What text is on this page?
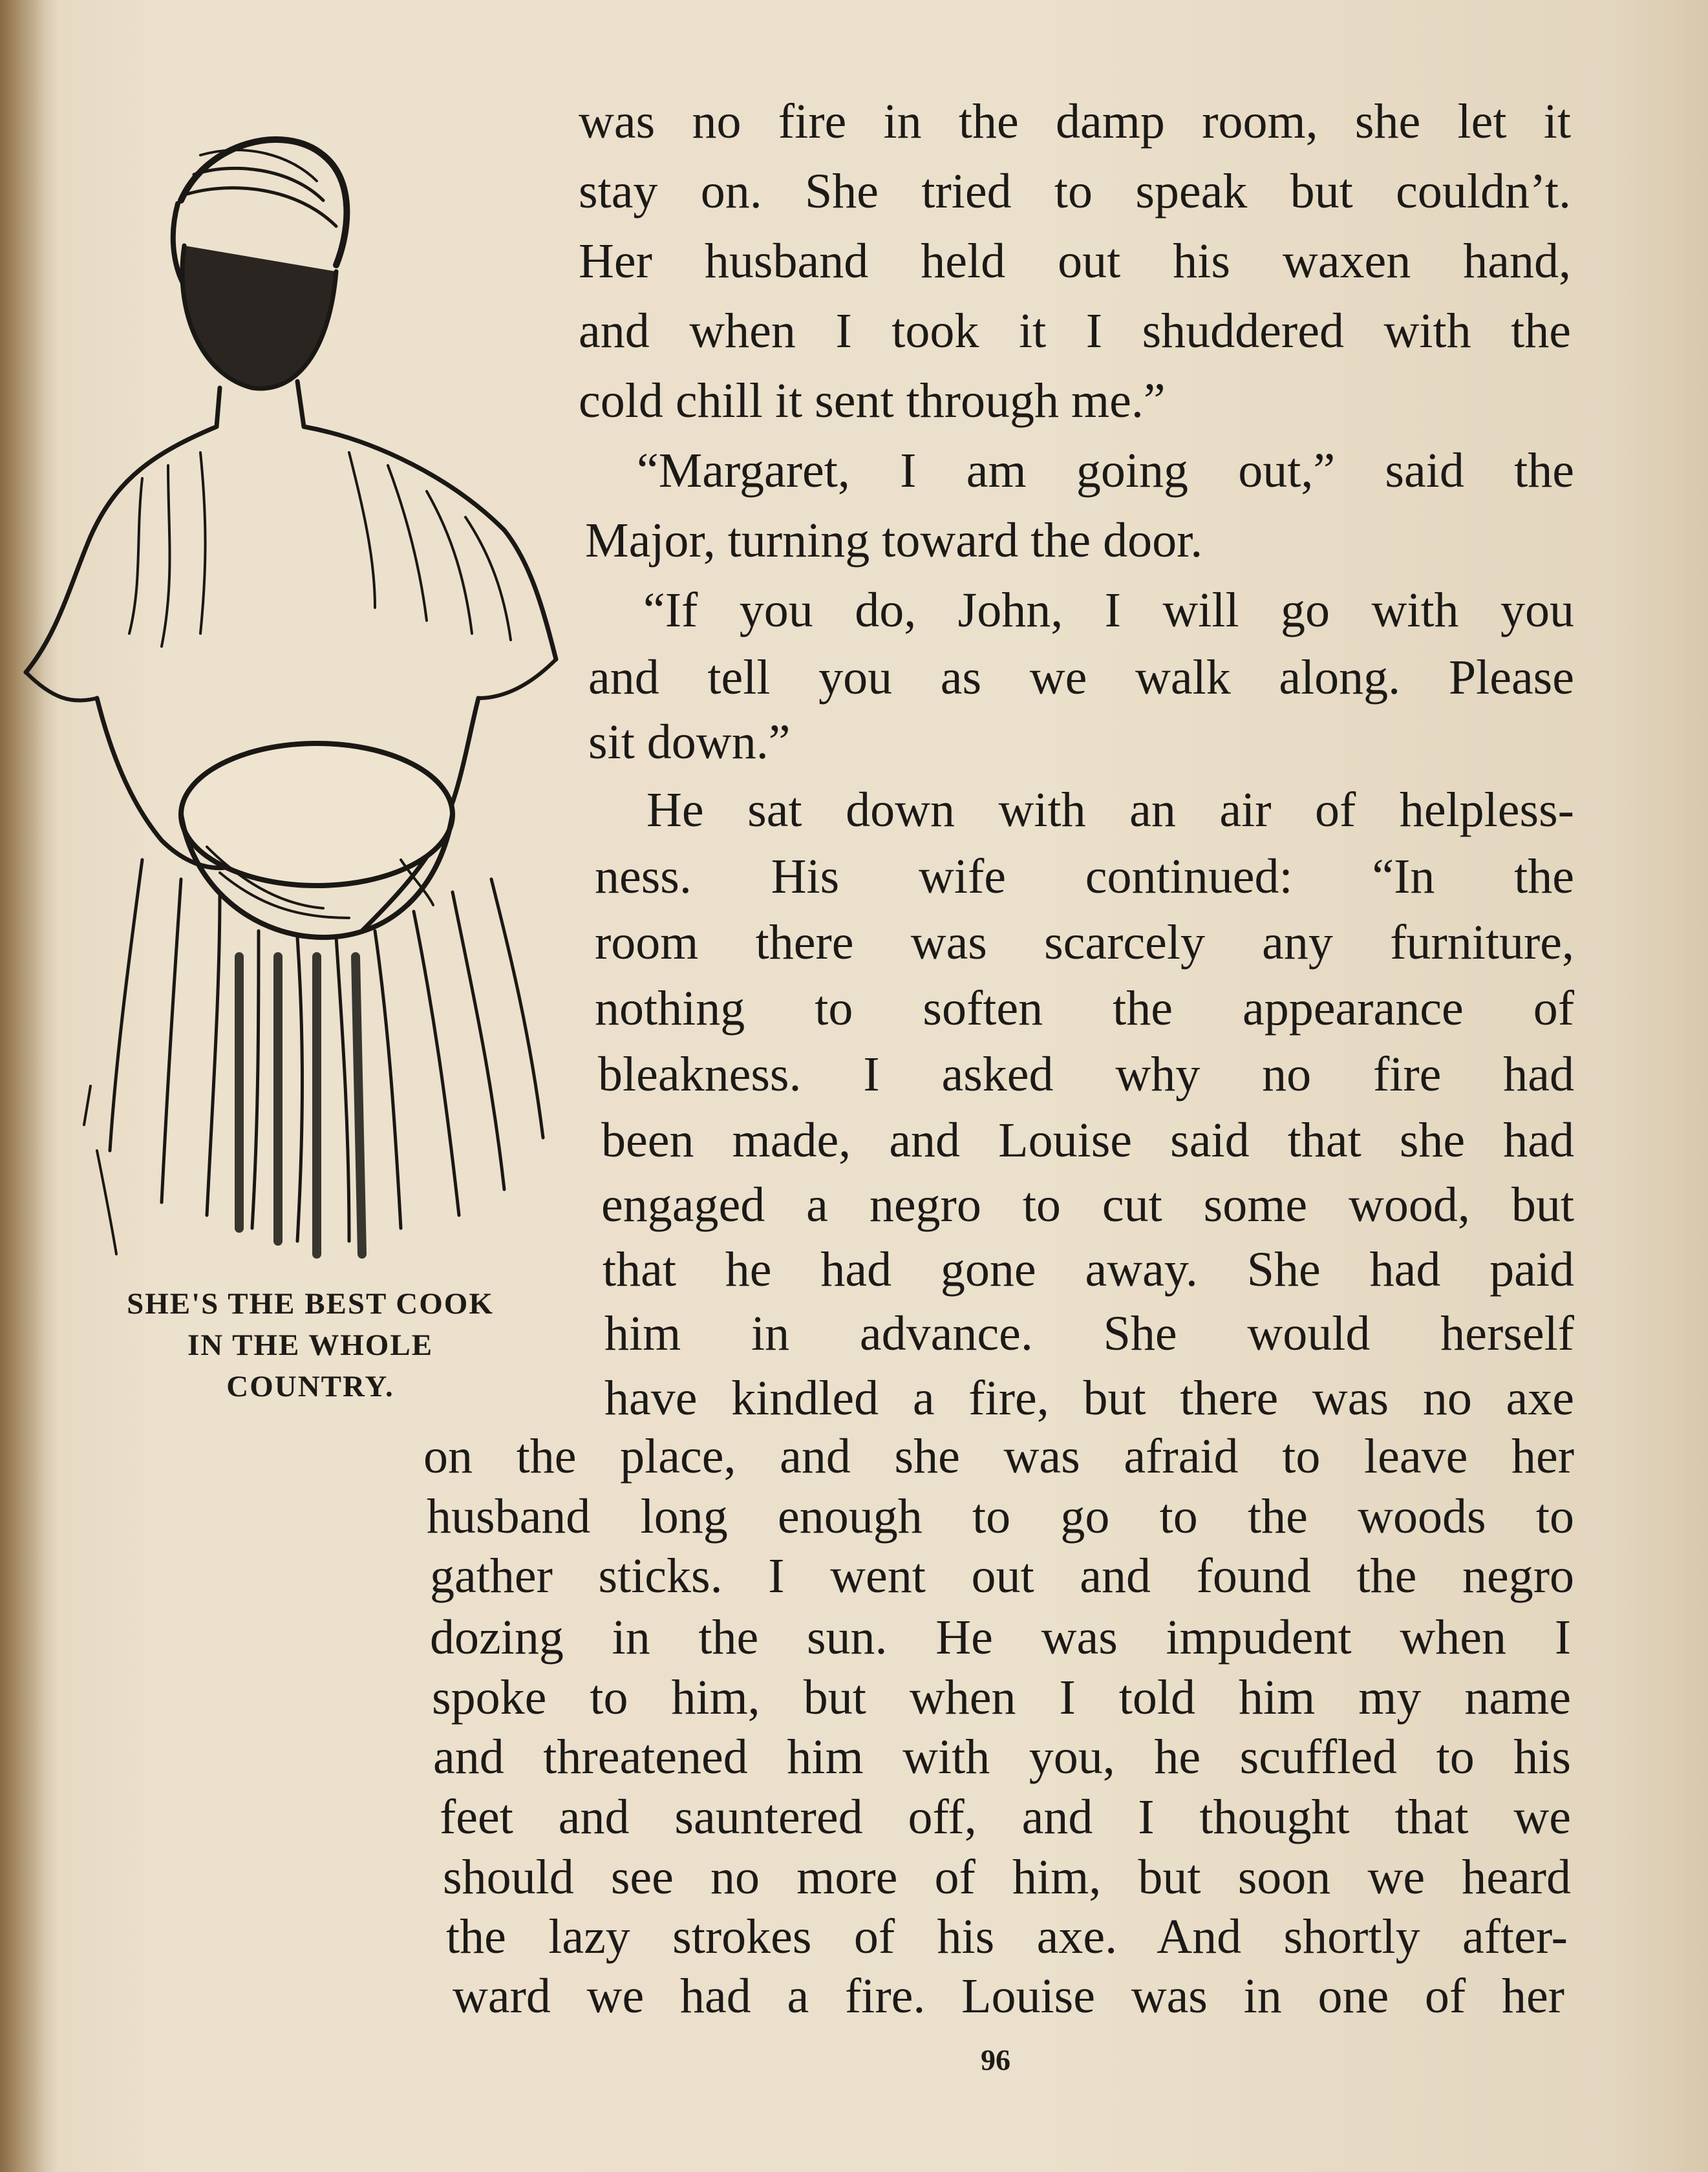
SHE'S THE BEST COOK
IN THE WHOLE
COUNTRY.
was no fire in the damp room, she let it
stay on. She tried to speak but couldn’t.
Her husband held out his waxen hand,
and when I took it I shuddered with the
cold chill it sent through me.”
“Margaret, I am going out,” said the
Major, turning toward the door.
“If you do, John, I will go with you
and tell you as we walk along. Please
sit down.”
He sat down with an air of helpless-
ness. His wife continued: “In the
room there was scarcely any furniture,
nothing to soften the appearance of
bleakness. I asked why no fire had
been made, and Louise said that she had
engaged a negro to cut some wood, but
that he had gone away. She had paid
him in advance. She would herself
have kindled a fire, but there was no axe
on the place, and she was afraid to leave her
husband long enough to go to the woods to
gather sticks. I went out and found the negro
dozing in the sun. He was impudent when I
spoke to him, but when I told him my name
and threatened him with you, he scuffled to his
feet and sauntered off, and I thought that we
should see no more of him, but soon we heard
the lazy strokes of his axe. And shortly after-
ward we had a fire. Louise was in one of her
96
